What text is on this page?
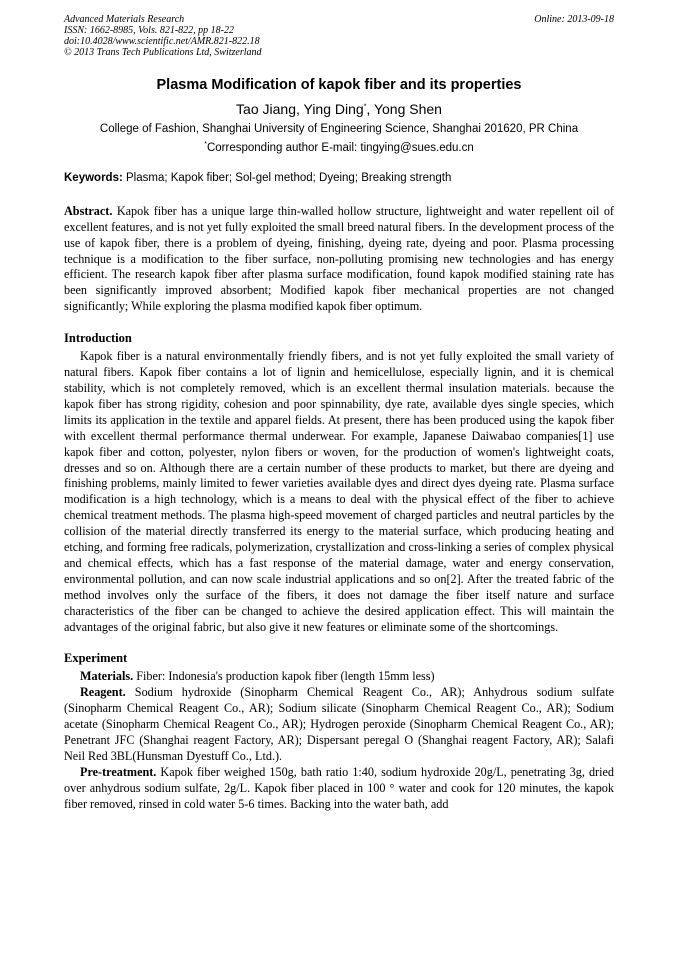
Advanced Materials Research
ISSN: 1662-8985, Vols. 821-822, pp 18-22
doi:10.4028/www.scientific.net/AMR.821-822.18
© 2013 Trans Tech Publications Ltd, Switzerland
Online: 2013-09-18
Plasma Modification of kapok fiber and its properties
Tao Jiang, Ying Ding*, Yong Shen
College of Fashion, Shanghai University of Engineering Science, Shanghai 201620, PR China
*Corresponding author E-mail: tingying@sues.edu.cn
Keywords: Plasma; Kapok fiber; Sol-gel method; Dyeing; Breaking strength
Abstract. Kapok fiber has a unique large thin-walled hollow structure, lightweight and water repellent oil of excellent features, and is not yet fully exploited the small breed natural fibers. In the development process of the use of kapok fiber, there is a problem of dyeing, finishing, dyeing rate, dyeing and poor. Plasma processing technique is a modification to the fiber surface, non-polluting promising new technologies and has energy efficient. The research kapok fiber after plasma surface modification, found kapok modified staining rate has been significantly improved absorbent; Modified kapok fiber mechanical properties are not changed significantly; While exploring the plasma modified kapok fiber optimum.
Introduction

Kapok fiber is a natural environmentally friendly fibers, and is not yet fully exploited the small variety of natural fibers. Kapok fiber contains a lot of lignin and hemicellulose, especially lignin, and it is chemical stability, which is not completely removed, which is an excellent thermal insulation materials. because the kapok fiber has strong rigidity, cohesion and poor spinnability, dye rate, available dyes single species, which limits its application in the textile and apparel fields. At present, there has been produced using the kapok fiber with excellent thermal performance thermal underwear. For example, Japanese Daiwabao companies[1] use kapok fiber and cotton, polyester, nylon fibers or woven, for the production of women's lightweight coats, dresses and so on. Although there are a certain number of these products to market, but there are dyeing and finishing problems, mainly limited to fewer varieties available dyes and direct dyes dyeing rate. Plasma surface modification is a high technology, which is a means to deal with the physical effect of the fiber to achieve chemical treatment methods. The plasma high-speed movement of charged particles and neutral particles by the collision of the material directly transferred its energy to the material surface, which producing heating and etching, and forming free radicals, polymerization, crystallization and cross-linking a series of complex physical and chemical effects, which has a fast response of the material damage, water and energy conservation, environmental pollution, and can now scale industrial applications and so on[2]. After the treated fabric of the method involves only the surface of the fibers, it does not damage the fiber itself nature and surface characteristics of the fiber can be changed to achieve the desired application effect. This will maintain the advantages of the original fabric, but also give it new features or eliminate some of the shortcomings.

Experiment

Materials. Fiber: Indonesia's production kapok fiber (length 15mm less)

Reagent. Sodium hydroxide (Sinopharm Chemical Reagent Co., AR); Anhydrous sodium sulfate (Sinopharm Chemical Reagent Co., AR); Sodium silicate (Sinopharm Chemical Reagent Co., AR); Sodium acetate (Sinopharm Chemical Reagent Co., AR); Hydrogen peroxide (Sinopharm Chemical Reagent Co., AR); Penetrant JFC (Shanghai reagent Factory, AR); Dispersant peregal O (Shanghai reagent Factory, AR); Salafi Neil Red 3BL(Hunsman Dyestuff Co., Ltd.).

Pre-treatment. Kapok fiber weighed 150g, bath ratio 1:40, sodium hydroxide 20g/L, penetrating 3g, dried over anhydrous sodium sulfate, 2g/L. Kapok fiber placed in 100 ° water and cook for 120 minutes, the kapok fiber removed, rinsed in cold water 5-6 times. Backing into the water bath, add
